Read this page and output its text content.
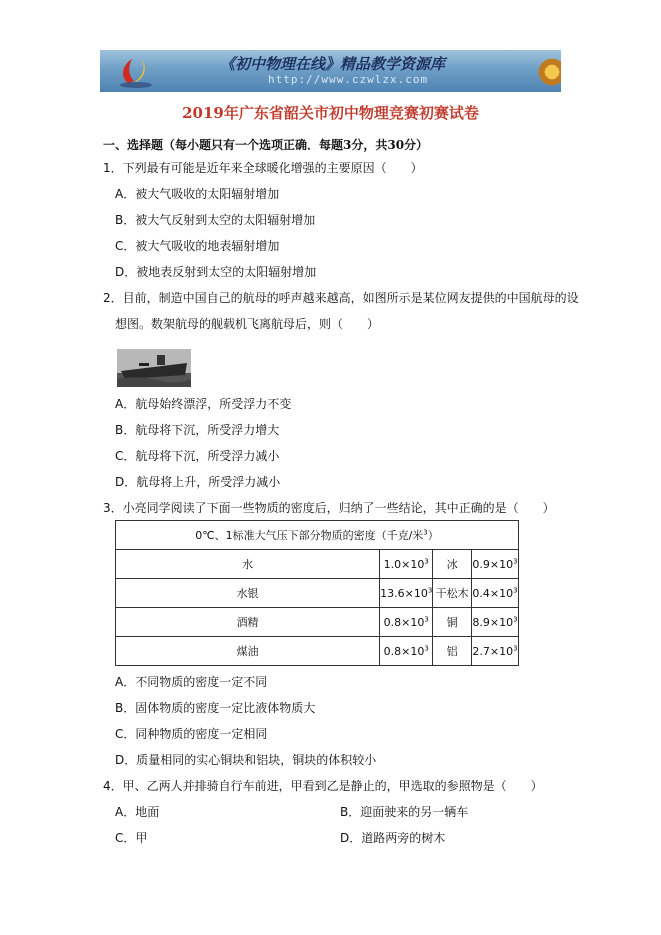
《初中物理在线》精品教学资源库
http://www.czwlzx.com
2019年广东省韶关市初中物理竞赛初赛试卷
一、选择题（每小题只有一个选项正确．每题3分，共30分）
1．下列最有可能是近年来全球暖化增强的主要原因（　　）
A．被大气吸收的太阳辐射增加
B．被大气反射到太空的太阳辐射增加
C．被大气吸收的地表辐射增加
D．被地表反射到太空的太阳辐射增加
2．目前，制造中国自己的航母的呼声越来越高，如图所示是某位网友提供的中国航母的设
想图。数架航母的舰载机飞离航母后，则（　　）
A．航母始终漂浮，所受浮力不变
B．航母将下沉，所受浮力增大
C．航母将下沉，所受浮力减小
D．航母将上升，所受浮力减小
3．小亮同学阅读了下面一些物质的密度后，归纳了一些结论，其中正确的是（　　）
0℃、1标准大气压下部分物质的密度（千克/米$^3$）			
水	$1.0\times 10^3$	冰	$0.9\times 10^3$
水银	$13.6\times 10^3$	干松木	$0.4\times 10^3$
酒精	$0.8\times 10^3$	铜	$8.9\times 10^3$
煤油	$0.8\times 10^3$	铝	$2.7\times 10^3$
A．不同物质的密度一定不同
B．固体物质的密度一定比液体物质大
C．同种物质的密度一定相同
D．质量相同的实心铜块和铝块，铜块的体积较小
4．甲、乙两人并排骑自行车前进，甲看到乙是静止的，甲选取的参照物是（　　）
A．地面	B．迎面驶来的另一辆车
C．甲	D．道路两旁的树木
